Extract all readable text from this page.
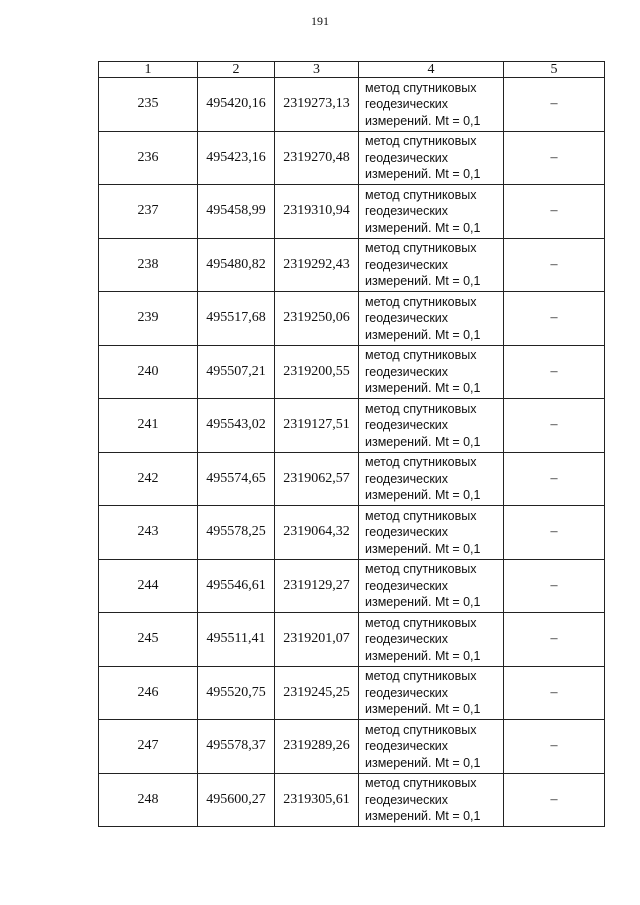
191
1	2	3	4	5
235	495420,16	2319273,13	метод спутниковых
геодезических
измерений. Mt = 0,1	–
236	495423,16	2319270,48	метод спутниковых
геодезических
измерений. Mt = 0,1	–
237	495458,99	2319310,94	метод спутниковых
геодезических
измерений. Mt = 0,1	–
238	495480,82	2319292,43	метод спутниковых
геодезических
измерений. Mt = 0,1	–
239	495517,68	2319250,06	метод спутниковых
геодезических
измерений. Mt = 0,1	–
240	495507,21	2319200,55	метод спутниковых
геодезических
измерений. Mt = 0,1	–
241	495543,02	2319127,51	метод спутниковых
геодезических
измерений. Mt = 0,1	–
242	495574,65	2319062,57	метод спутниковых
геодезических
измерений. Mt = 0,1	–
243	495578,25	2319064,32	метод спутниковых
геодезических
измерений. Mt = 0,1	–
244	495546,61	2319129,27	метод спутниковых
геодезических
измерений. Mt = 0,1	–
245	495511,41	2319201,07	метод спутниковых
геодезических
измерений. Mt = 0,1	–
246	495520,75	2319245,25	метод спутниковых
геодезических
измерений. Mt = 0,1	–
247	495578,37	2319289,26	метод спутниковых
геодезических
измерений. Mt = 0,1	–
248	495600,27	2319305,61	метод спутниковых
геодезических
измерений. Mt = 0,1	–
